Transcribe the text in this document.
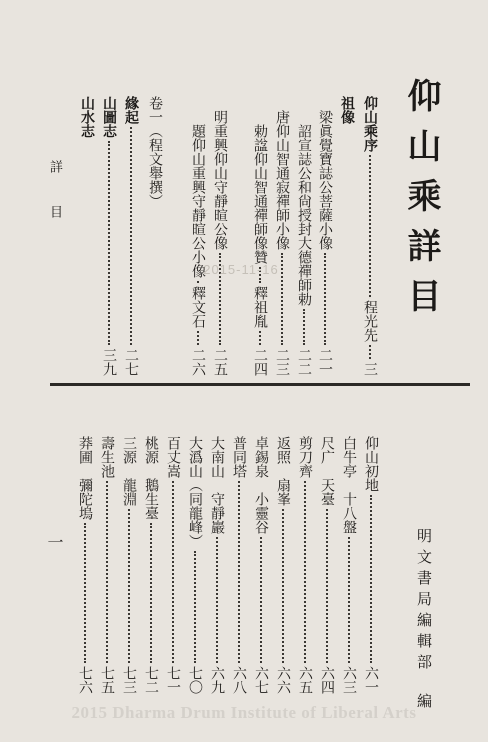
仰山乘詳目
仰山乘序
程光先
三
祖像
梁眞覺寶誌公菩薩小像
二一
詔宣誌公和尙授封大德禪師勅
二二
唐仰山智通寂禪師小像
二三
勅諡仰山智通禪師像贊
釋祖胤
二四
明重興仰山守靜暄公像
二五
題仰山重興守靜暄公小像
釋文石
二六
卷一（程文舉撰）
緣起
二七
山圖志
三九
山水志
詳目
2015-11-16
明文書局編輯部編
仰山初地
六一
白牛亭　十八盤
六三
尺广　天臺
六四
剪刀齊
六五
返照　扇峯
六六
卓錫泉　小靈谷
六七
普同塔
六八
大南山　守靜巖
六九
大潙山（同龍峰）
七〇
百丈嵩
七一
桃源　鵝生臺
七二
三源　龍淵
七三
壽生池
七五
莽圃　彌陀塢
七六
一
2015 Dharma Drum Institute of Liberal Arts
